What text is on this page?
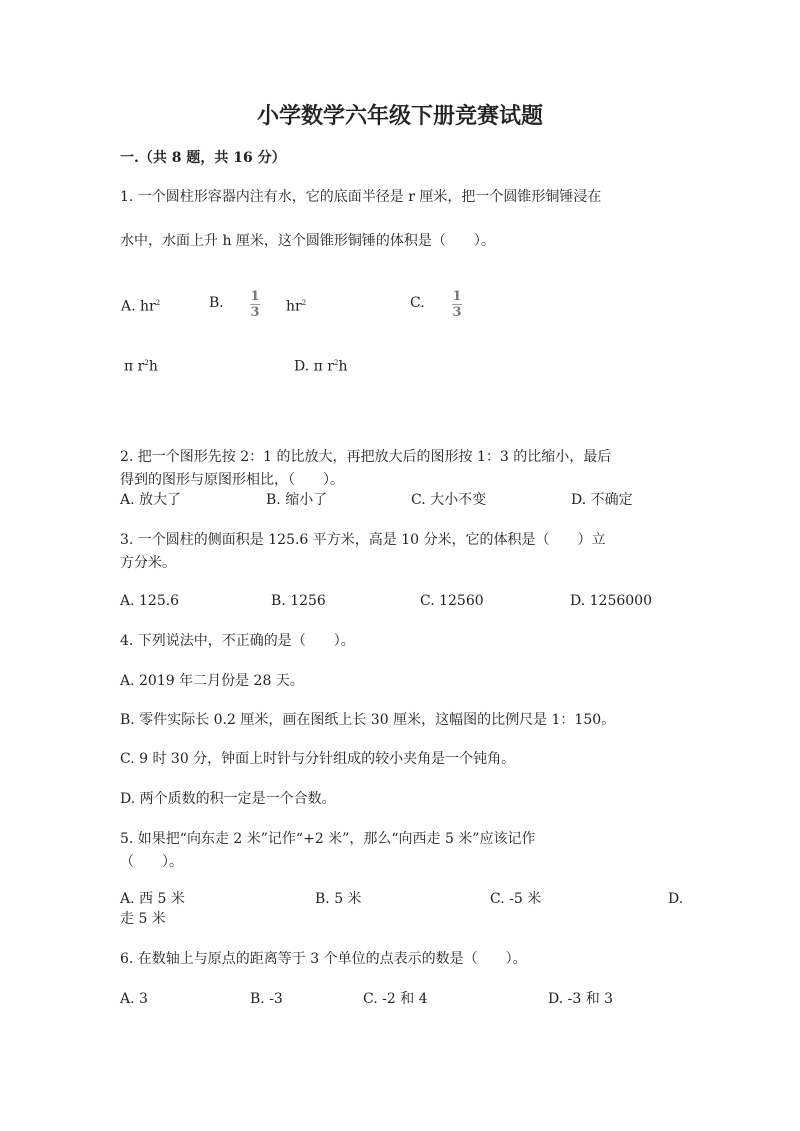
小学数学六年级下册竞赛试题
一.（共 8 题，共 16 分）
1. 一个圆柱形容器内注有水，它的底面半径是 r 厘米，把一个圆锥形铜锤浸在
水中，水面上升 h 厘米，这个圆锥形铜锤的体积是（　　）。
A. $hr^2$	B. 1
3 $hr^2$	C. 1
3
π $r^2h$	D. π $r^2h$
2. 把一个图形先按 2：1 的比放大，再把放大后的图形按 1：3 的比缩小，最后
得到的图形与原图形相比，（　　）。
A. 放大了	B. 缩小了	C. 大小不变	D. 不确定
3. 一个圆柱的侧面积是 125.6 平方米，高是 10 分米，它的体积是（　　）立
方分米。
A. 125.6	B. 1256	C. 12560	D. 1256000
4. 下列说法中，不正确的是（　　）。
A. 2019 年二月份是 28 天。
B. 零件实际长 0.2 厘米，画在图纸上长 30 厘米，这幅图的比例尺是 1：150。
C. 9 时 30 分，钟面上时针与分针组成的较小夹角是一个钝角。
D. 两个质数的积一定是一个合数。
5. 如果把“向东走 2 米”记作“+2 米”，那么“向西走 5 米”应该记作
（　　）。
A. 西 5 米	B. 5 米	C. -5 米	D.
走 5 米
6. 在数轴上与原点的距离等于 3 个单位的点表示的数是（　　）。
A. 3	B. -3	C. -2 和 4	D. -3 和 3
